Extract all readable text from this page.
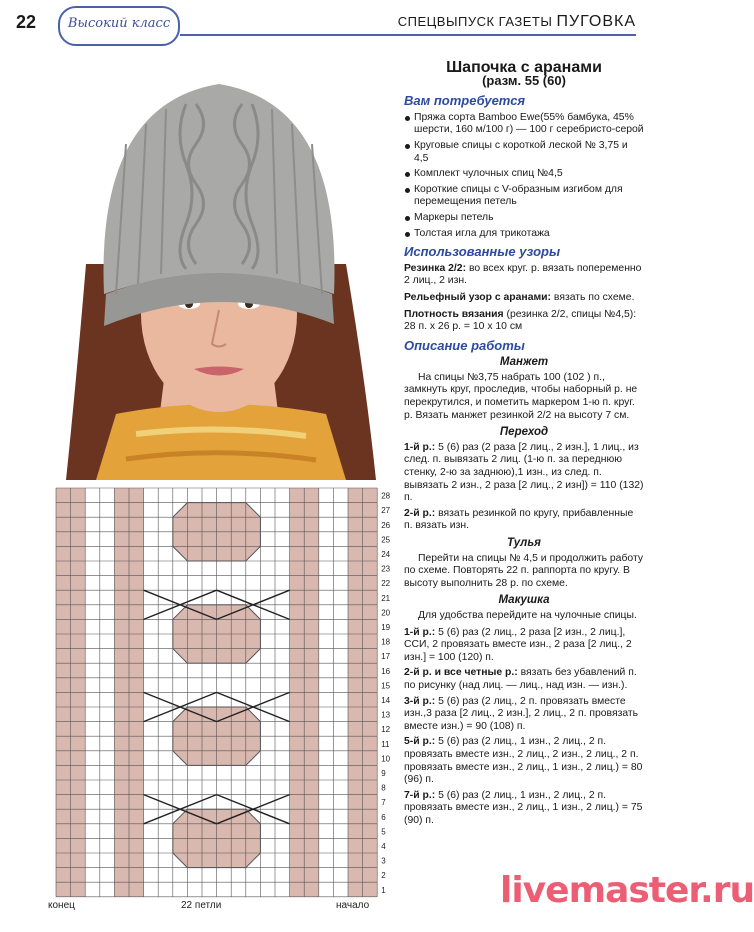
22	Высокий класс	СПЕЦВЫПУСК ГАЗЕТЫ ПУГОВКА
1
2
3
4
5
6
7
8
9
10
11
12
13
14
15
16
17
18
19
20
21
22
23
24
25
26
27
28
конец	22 петли	начало
Шапочка с аранами
(разм. 55 (60)
Вам потребуется
Пряжа сорта Bamboo Ewe(55% бамбука, 45% шерсти, 160 м/100 г) — 100 г серебристо-серой
Круговые спицы с короткой леской № 3,75 и 4,5
Комплект чулочных спиц №4,5
Короткие спицы с V-образным изгибом для перемещения петель
Маркеры петель
Толстая игла для трикотажа
Использованные узоры
Резинка 2/2: во всех круг. р. вязать попеременно 2 лиц., 2 изн.
Рельефный узор с аранами: вязать по схеме.
Плотность вязания (резинка 2/2, спицы №4,5): 28 п. х 26 р. = 10 х 10 см
Описание работы
Манжет
На спицы №3,75 набрать 100 (102 ) п., замкнуть круг, проследив, чтобы наборный р. не перекрутился, и пометить маркером 1-ю п. круг. р. Вязать манжет резинкой 2/2 на высоту 7 см.
Переход
1-й р.: 5 (6) раз (2 раза [2 лиц., 2 изн.], 1 лиц., из след. п. вывязать 2 лиц. (1-ю п. за переднюю стенку, 2-ю за заднюю),1 изн., из след. п. вывязать 2 изн., 2 раза [2 лиц., 2 изн]) = 110 (132) п.
2-й р.: вязать резинкой по кругу, прибавленные п. вязать изн.
Тулья
Перейти на спицы № 4,5 и продолжить работу по схеме. Повторять 22 п. раппорта по кругу. В высоту выполнить 28 р. по схеме.
Макушка
Для удобства перейдите на чулочные спицы.
1-й р.: 5 (6) раз (2 лиц., 2 раза [2 изн., 2 лиц.], ССИ, 2 провязать вместе изн., 2 раза [2 лиц., 2 изн.] = 100 (120) п.
2-й р. и все четные р.: вязать без убавлений п. по рисунку (над лиц. — лиц., над изн. — изн.).
3-й р.: 5 (6) раз (2 лиц., 2 п. провязать вместе изн.,3 раза [2 лиц., 2 изн.], 2 лиц., 2 п. провязать вместе изн.) = 90 (108) п.
5-й р.: 5 (6) раз (2 лиц., 1 изн., 2 лиц., 2 п. провязать вместе изн., 2 лиц., 2 изн., 2 лиц., 2 п. провязать вместе изн., 2 лиц., 1 изн., 2 лиц.) = 80 (96) п.
7-й р.: 5 (6) раз (2 лиц., 1 изн., 2 лиц., 2 п. провязать вместе изн., 2 лиц., 1 изн., 2 лиц.) = 75 (90) п.
livemaster.ru
